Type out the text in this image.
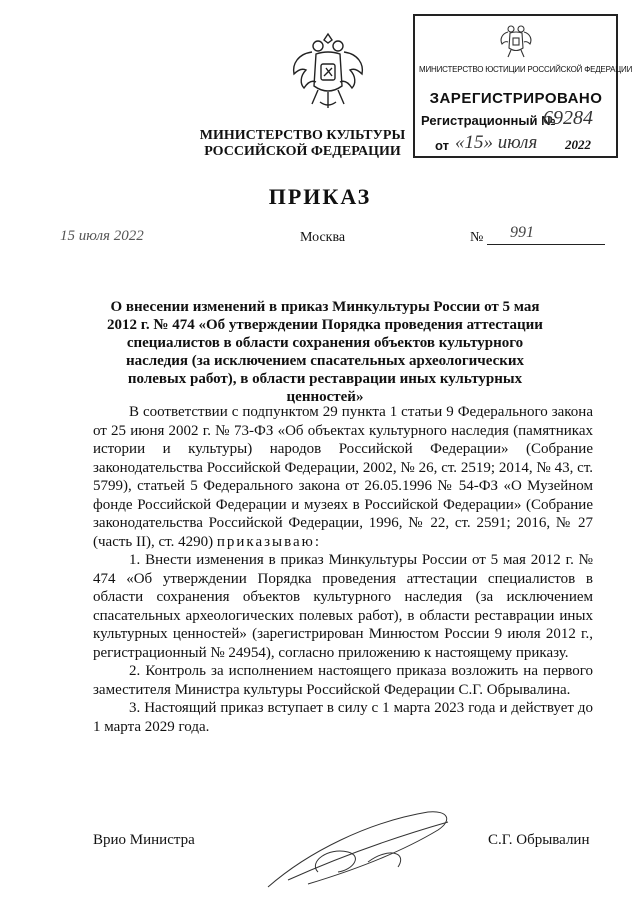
МИНИСТЕРСТВО КУЛЬТУРЫ
РОССИЙСКОЙ ФЕДЕРАЦИИ
МИНИСТЕРСТВО ЮСТИЦИИ РОССИЙСКОЙ ФЕДЕРАЦИИ
ЗАРЕГИСТРИРОВАНО
Регистрационный №
69284
от «15» июля 2022
ПРИКАЗ
15 июля 2022	Москва	№ 991
О внесении изменений в приказ Минкультуры России от 5 мая 2012 г. № 474 «Об утверждении Порядка проведения аттестации специалистов в области сохранения объектов культурного наследия (за исключением спасательных археологических полевых работ), в области реставрации иных культурных ценностей»

В соответствии с подпунктом 29 пункта 1 статьи 9 Федерального закона от 25 июня 2002 г. № 73-ФЗ «Об объектах культурного наследия (памятниках истории и культуры) народов Российской Федерации» (Собрание законодательства Российской Федерации, 2002, № 26, ст. 2519; 2014, № 43, ст. 5799), статьей 5 Федерального закона от 26.05.1996 № 54-ФЗ «О Музейном фонде Российской Федерации и музеях в Российской Федерации» (Собрание законодательства Российской Федерации, 1996, № 22, ст. 2591; 2016, № 27 (часть II), ст. 4290) приказываю:

1. Внести изменения в приказ Минкультуры России от 5 мая 2012 г. № 474 «Об утверждении Порядка проведения аттестации специалистов в области сохранения объектов культурного наследия (за исключением спасательных археологических полевых работ), в области реставрации иных культурных ценностей» (зарегистрирован Минюстом России 9 июля 2012 г., регистрационный № 24954), согласно приложению к настоящему приказу.

2. Контроль за исполнением настоящего приказа возложить на первого заместителя Министра культуры Российской Федерации С.Г. Обрывалина.

3. Настоящий приказ вступает в силу с 1 марта 2023 года и действует до 1 марта 2029 года.

Врио Министра	С.Г. Обрывалин
